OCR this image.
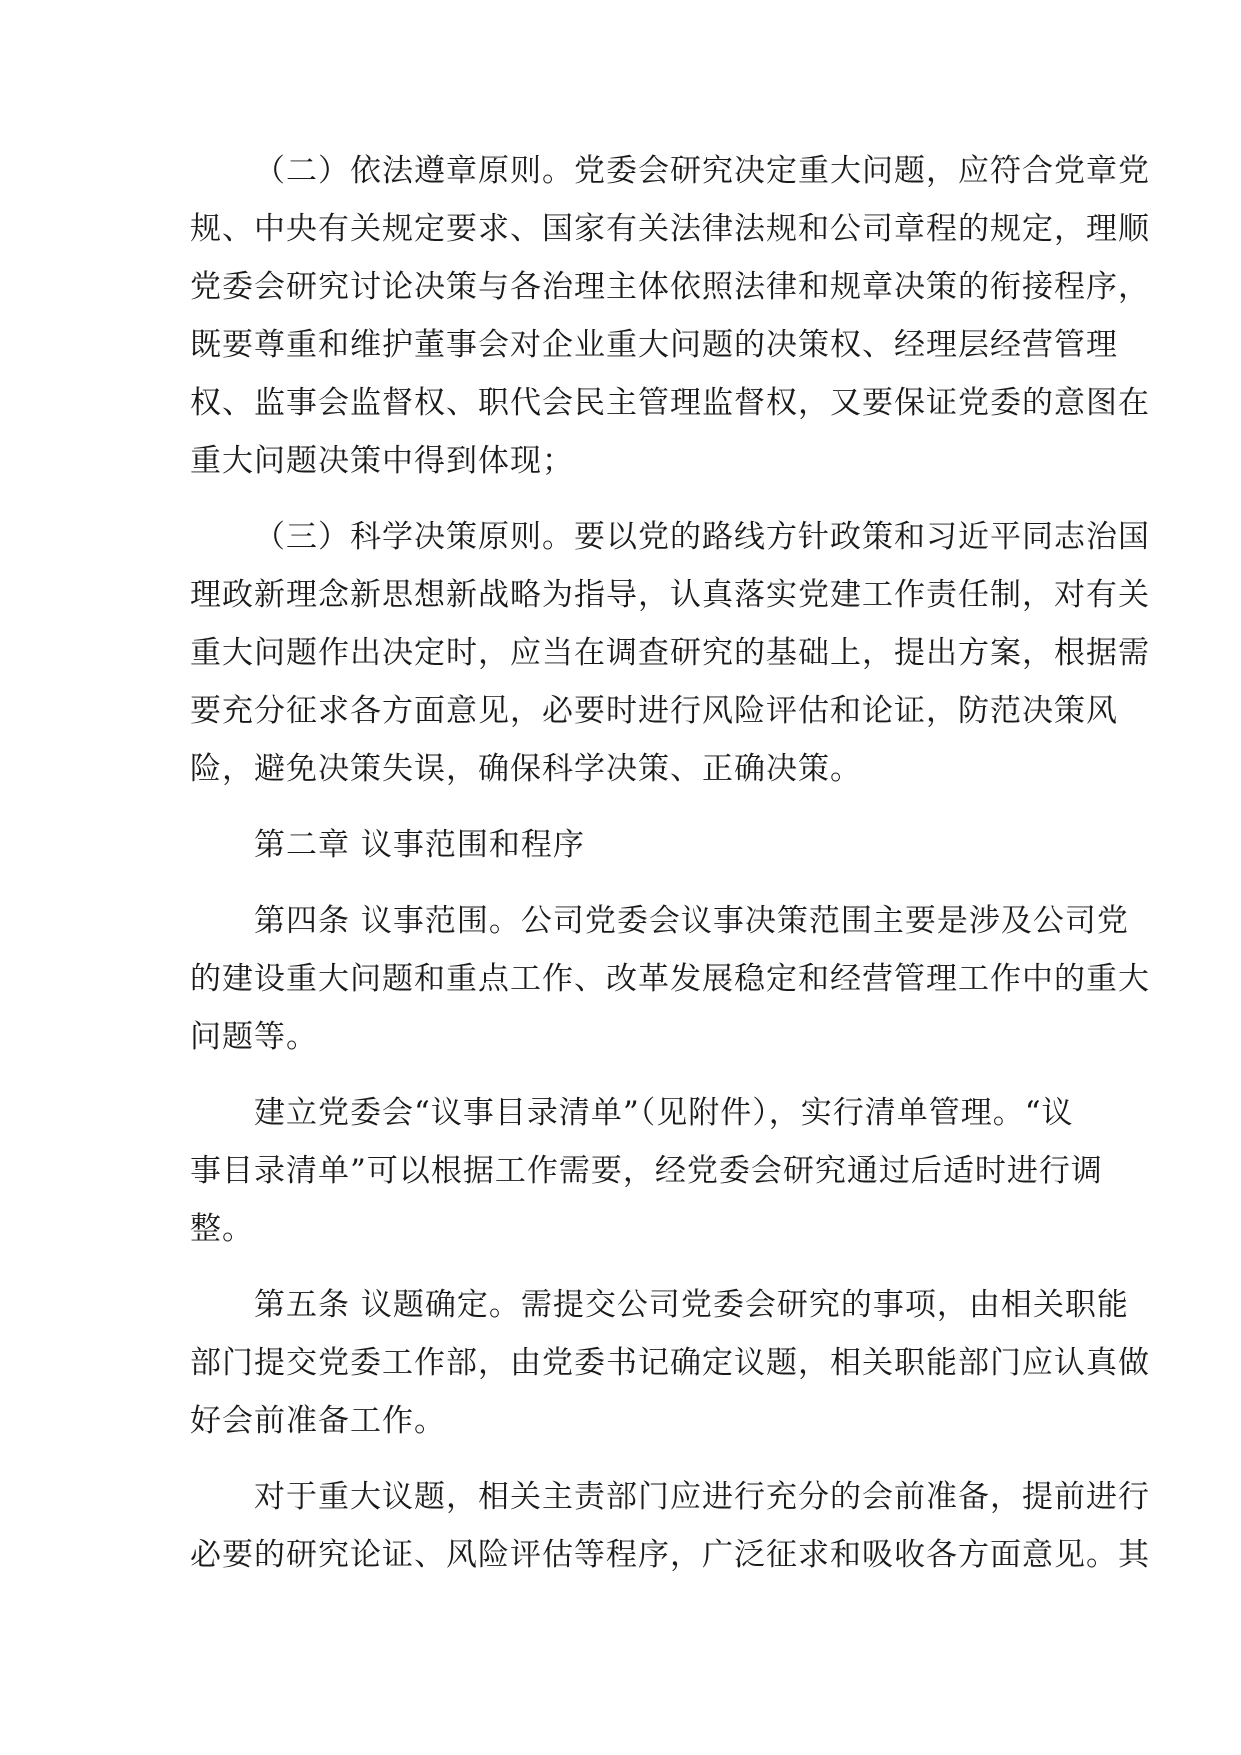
（二）依法遵章原则。党委会研究决定重大问题，应符合党章党
规、中央有关规定要求、国家有关法律法规和公司章程的规定，理顺
党委会研究讨论决策与各治理主体依照法律和规章决策的衔接程序，
既要尊重和维护董事会对企业重大问题的决策权、经理层经营管理
权、监事会监督权、职代会民主管理监督权，又要保证党委的意图在
重大问题决策中得到体现；

（三）科学决策原则。要以党的路线方针政策和习近平同志治国
理政新理念新思想新战略为指导，认真落实党建工作责任制，对有关
重大问题作出决定时，应当在调查研究的基础上，提出方案，根据需
要充分征求各方面意见，必要时进行风险评估和论证，防范决策风
险，避免决策失误，确保科学决策、正确决策。

第二章 议事范围和程序

第四条 议事范围。公司党委会议事决策范围主要是涉及公司党
的建设重大问题和重点工作、改革发展稳定和经营管理工作中的重大
问题等。

建立党委会“议事目录清单”（见附件），实行清单管理。“议
事目录清单”可以根据工作需要，经党委会研究通过后适时进行调
整。

第五条 议题确定。需提交公司党委会研究的事项，由相关职能
部门提交党委工作部，由党委书记确定议题，相关职能部门应认真做
好会前准备工作。

对于重大议题，相关主责部门应进行充分的会前准备，提前进行
必要的研究论证、风险评估等程序，广泛征求和吸收各方面意见。其
